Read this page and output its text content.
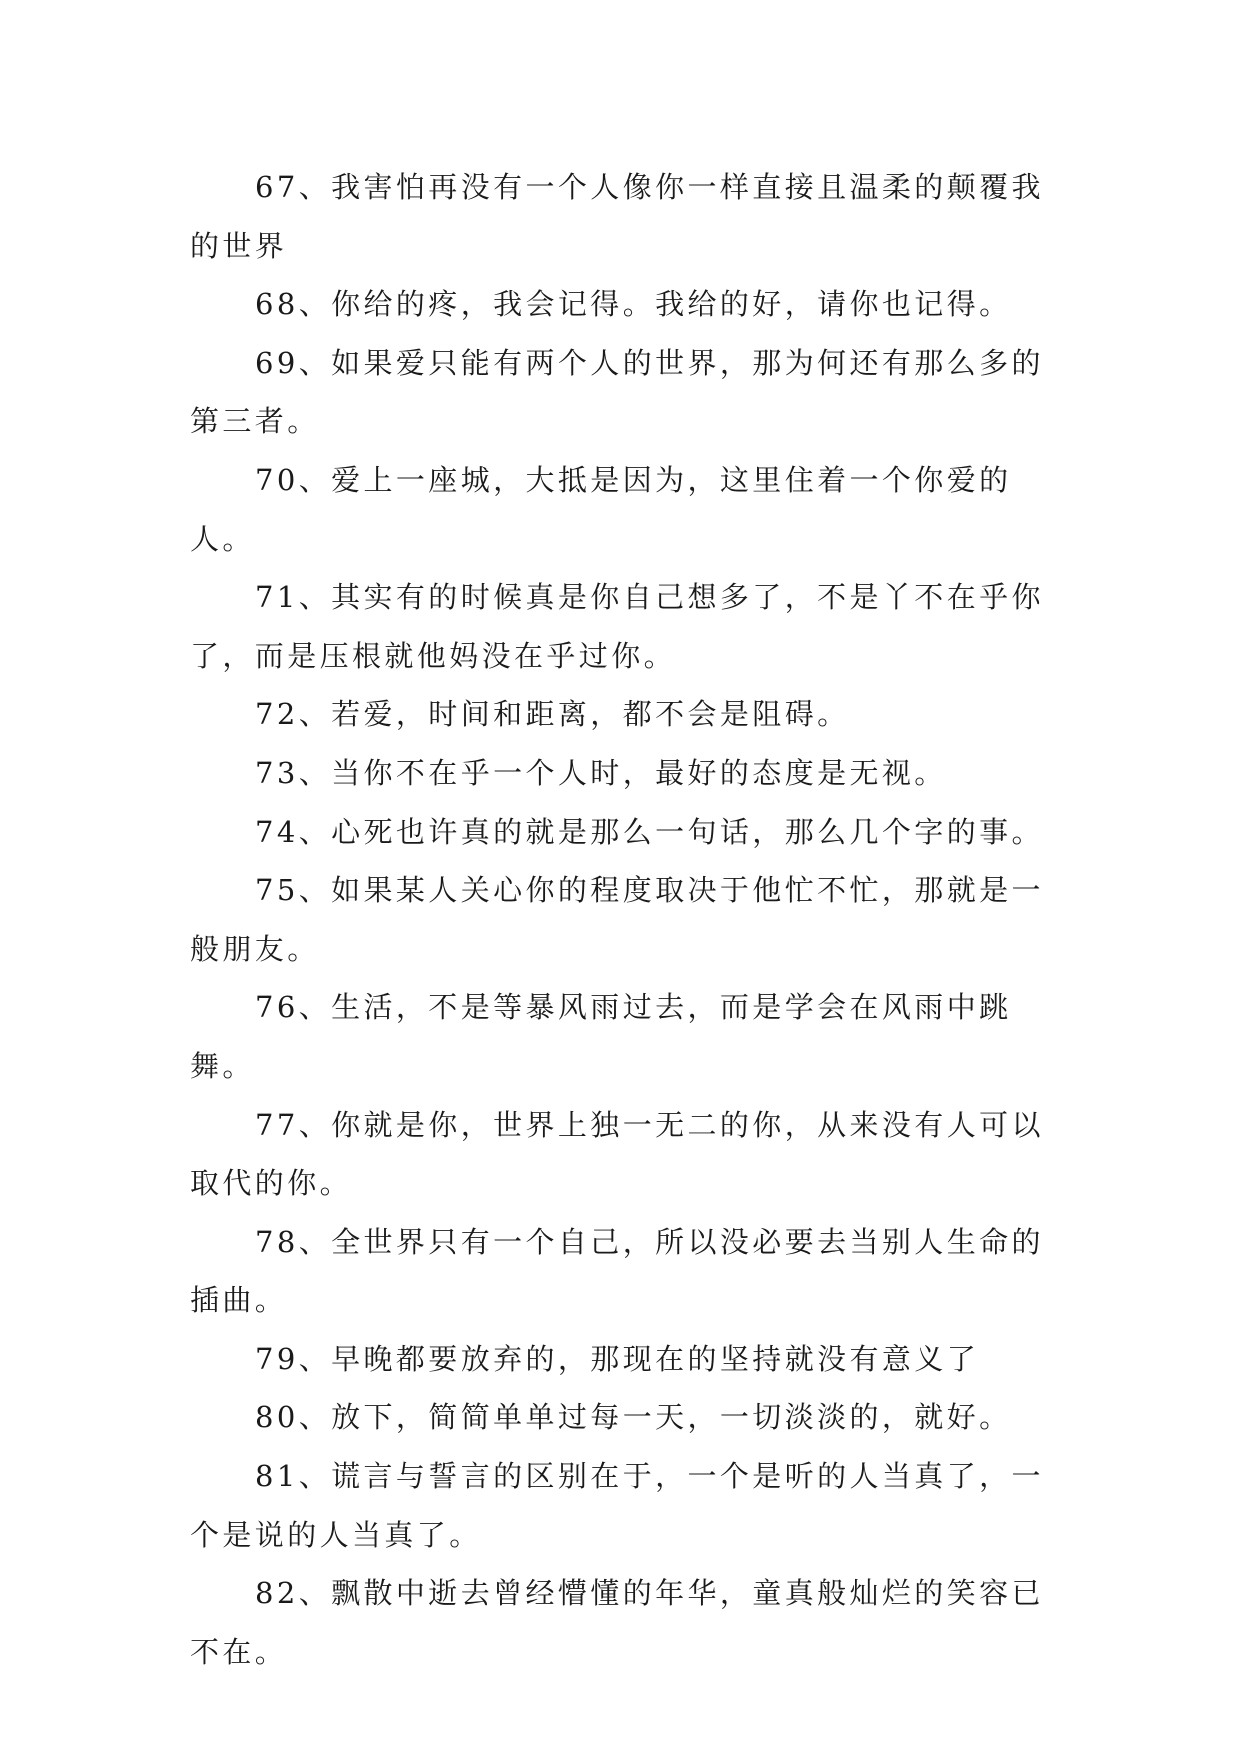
67、我害怕再没有一个人像你一样直接且温柔的颠覆我的世界

68、你给的疼，我会记得。我给的好，请你也记得。

69、如果爱只能有两个人的世界，那为何还有那么多的第三者。

70、爱上一座城，大抵是因为，这里住着一个你爱的人。

71、其实有的时候真是你自己想多了，不是丫不在乎你了，而是压根就他妈没在乎过你。

72、若爱，时间和距离，都不会是阻碍。

73、当你不在乎一个人时，最好的态度是无视。

74、心死也许真的就是那么一句话，那么几个字的事。

75、如果某人关心你的程度取决于他忙不忙，那就是一般朋友。

76、生活，不是等暴风雨过去，而是学会在风雨中跳舞。

77、你就是你，世界上独一无二的你，从来没有人可以取代的你。

78、全世界只有一个自己，所以没必要去当别人生命的插曲。

79、早晚都要放弃的，那现在的坚持就没有意义了

80、放下，简简单单过每一天，一切淡淡的，就好。

81、谎言与誓言的区别在于，一个是听的人当真了，一个是说的人当真了。

82、飘散中逝去曾经懵懂的年华，童真般灿烂的笑容已不在。
